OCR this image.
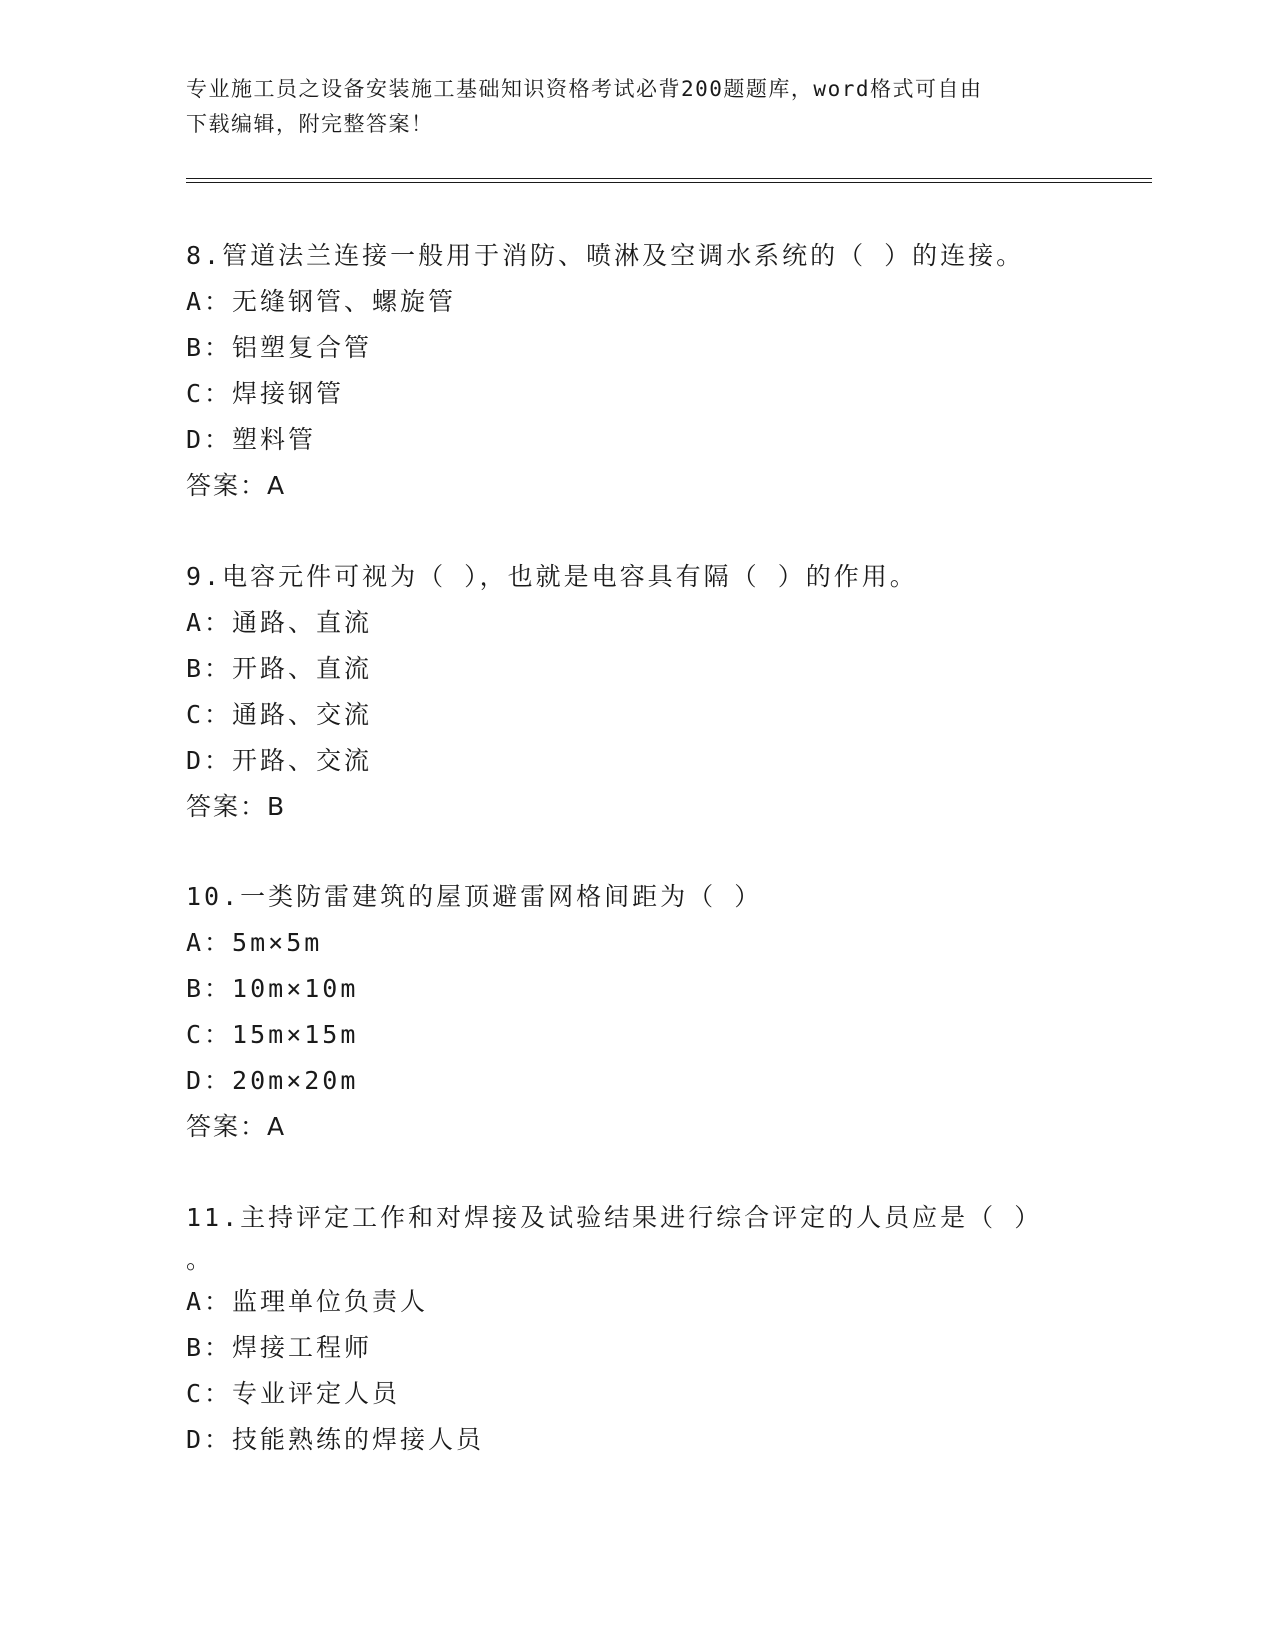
专业施工员之设备安装施工基础知识资格考试必背200题题库，word格式可自由
下载编辑，附完整答案！
8.管道法兰连接一般用于消防、喷淋及空调水系统的（ ）的连接。
A：无缝钢管、螺旋管
B：铝塑复合管
C：焊接钢管
D：塑料管
答案：A
9.电容元件可视为（ ），也就是电容具有隔（ ）的作用。
A：通路、直流
B：开路、直流
C：通路、交流
D：开路、交流
答案：B
10.一类防雷建筑的屋顶避雷网格间距为（ ）
A：5m×5m
B：10m×10m
C：15m×15m
D：20m×20m
答案：A
11.主持评定工作和对焊接及试验结果进行综合评定的人员应是（ ）
。
A：监理单位负责人
B：焊接工程师
C：专业评定人员
D：技能熟练的焊接人员
